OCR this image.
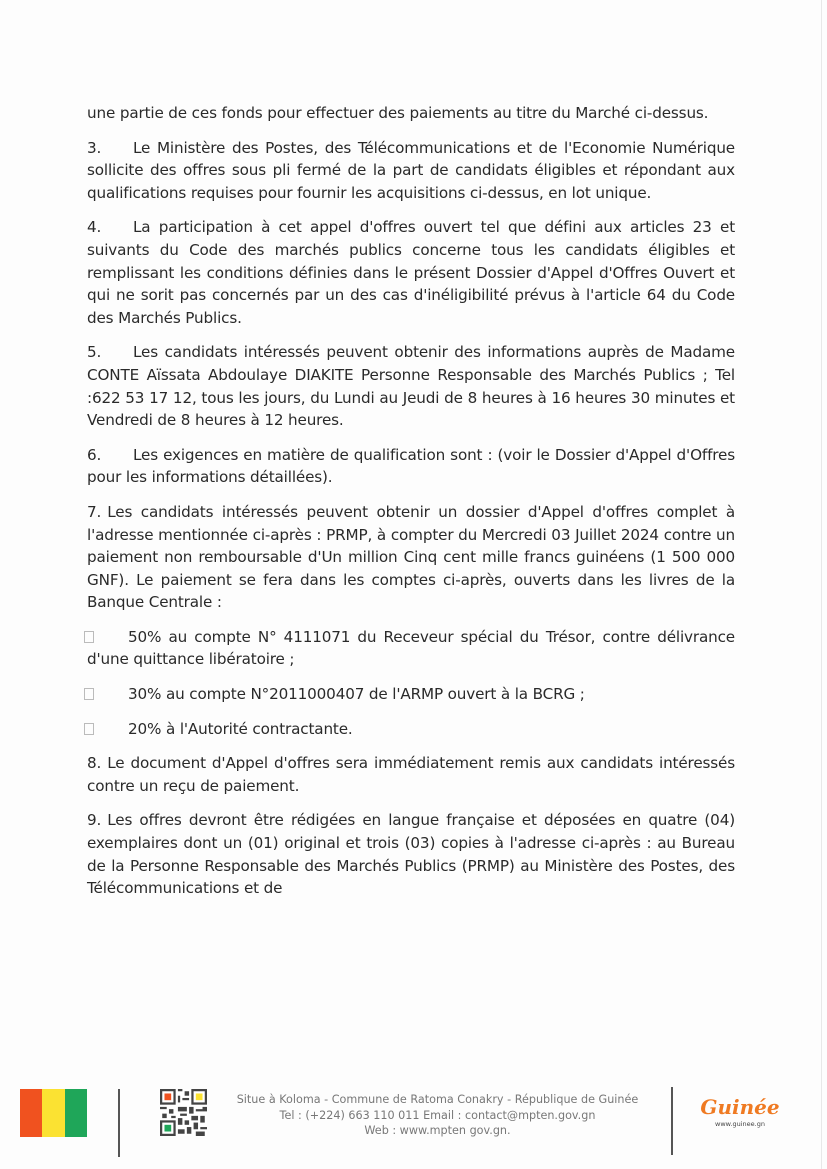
une partie de ces fonds pour effectuer des paiements au titre du Marché ci-dessus.

3. Le Ministère des Postes, des Télécommunications et de l'Economie Numérique sollicite des offres sous pli fermé de la part de candidats éligibles et répondant aux qualifications requises pour fournir les acquisitions ci-dessus, en lot unique.

4. La participation à cet appel d'offres ouvert tel que défini aux articles 23 et suivants du Code des marchés publics concerne tous les candidats éligibles et remplissant les conditions définies dans le présent Dossier d'Appel d'Offres Ouvert et qui ne sorit pas concernés par un des cas d'inéligibilité prévus à l'article 64 du Code des Marchés Publics.

5. Les candidats intéressés peuvent obtenir des informations auprès de Madame CONTE Aïssata Abdoulaye DIAKITE Personne Responsable des Marchés Publics ; Tel :622 53 17 12, tous les jours, du Lundi au Jeudi de 8 heures à 16 heures 30 minutes et Vendredi de 8 heures à 12 heures.

6. Les exigences en matière de qualification sont : (voir le Dossier d'Appel d'Offres pour les informations détaillées).

7. Les candidats intéressés peuvent obtenir un dossier d'Appel d'offres complet à l'adresse mentionnée ci-après : PRMP, à compter du Mercredi 03 Juillet 2024 contre un paiement non remboursable d'Un million Cinq cent mille francs guinéens (1 500 000 GNF). Le paiement se fera dans les comptes ci-après, ouverts dans les livres de la Banque Centrale :

50% au compte N° 4111071 du Receveur spécial du Trésor, contre délivrance d'une quittance libératoire ;

30% au compte N°2011000407 de l'ARMP ouvert à la BCRG ;

20% à l'Autorité contractante.

8. Le document d'Appel d'offres sera immédiatement remis aux candidats intéressés contre un reçu de paiement.

9. Les offres devront être rédigées en langue française et déposées en quatre (04) exemplaires dont un (01) original et trois (03) copies à l'adresse ci-après : au Bureau de la Personne Responsable des Marchés Publics (PRMP) au Ministère des Postes, des Télécommunications et de

Situe à Koloma - Commune de Ratoma Conakry - République de Guinée
Tel : (+224) 663 110 011 Email : contact@mpten.gov.gn
Web : www.mpten gov.gn.
Guinée
www.guinee.gn
